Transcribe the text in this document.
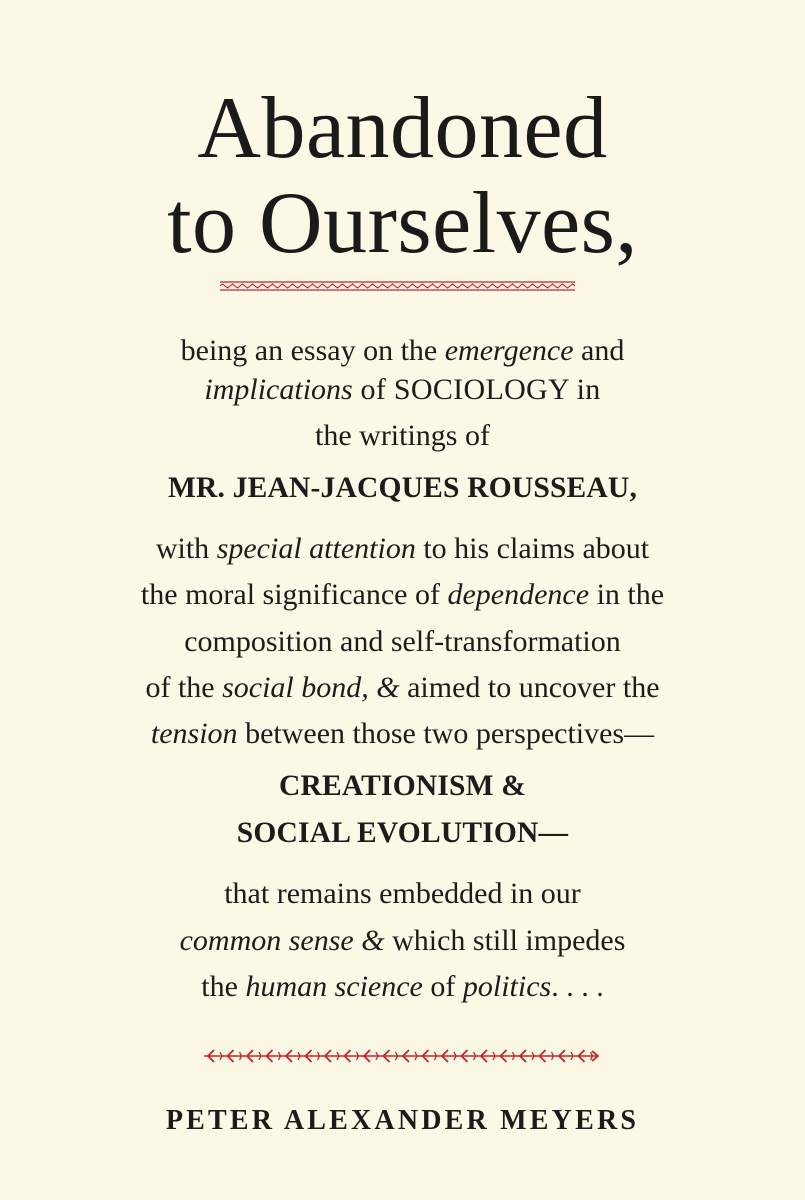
Abandoned
to Ourselves,
being an essay on the emergence and
implications of SOCIOLOGY in
the writings of
MR. JEAN-JACQUES ROUSSEAU,
with special attention to his claims about
the moral significance of dependence in the
composition and self-transformation
of the social bond, & aimed to uncover the
tension between those two perspectives—
CREATIONISM &
SOCIAL EVOLUTION—
that remains embedded in our
common sense & which still impedes
the human science of politics. . . .
PETER ALEXANDER MEYERS
